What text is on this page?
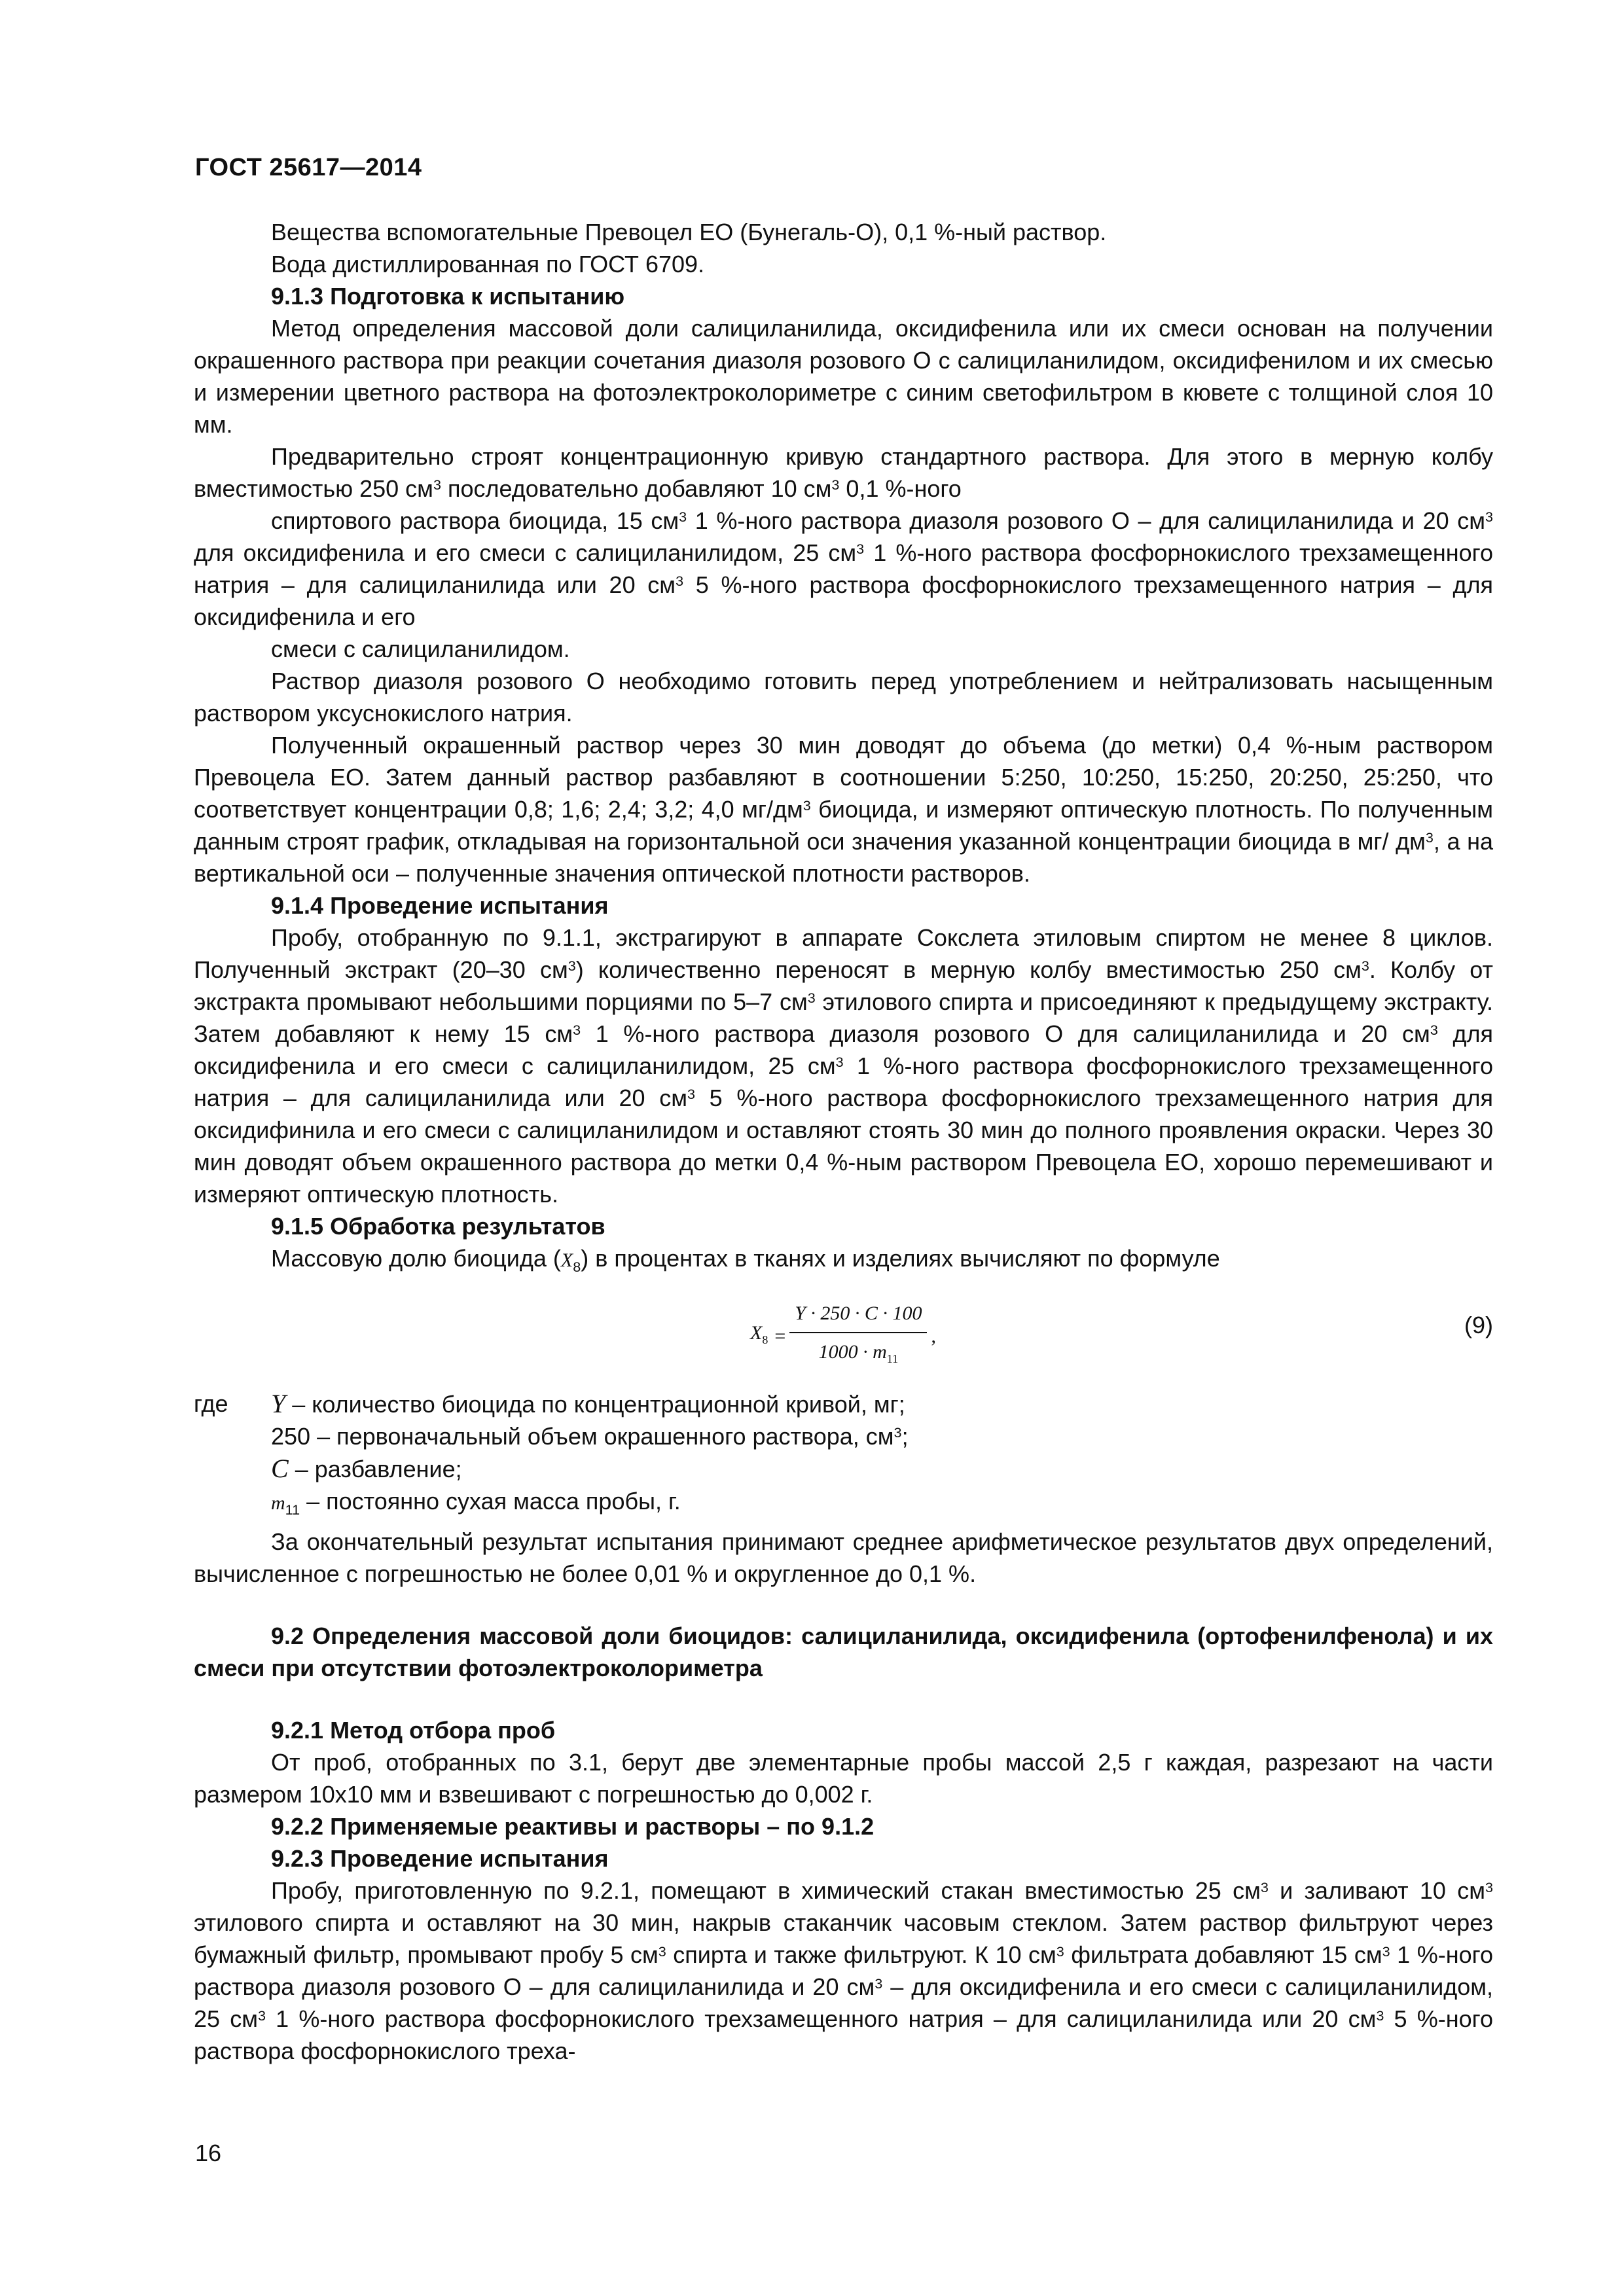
ГОСТ 25617—2014

Вещества вспомогательные Превоцел ЕО (Бунегаль-О), 0,1 %-ный раствор.

Вода дистиллированная по ГОСТ 6709.

9.1.3 Подготовка к испытанию

Метод определения массовой доли салициланилида, оксидифенила или их смеси основан на получении окрашенного раствора при реакции сочетания диазоля розового О с салициланилидом, оксидифенилом и их смесью и измерении цветного раствора на фотоэлектроколориметре с синим светофильтром в кювете с толщиной слоя 10 мм.

Предварительно строят концентрационную кривую стандартного раствора. Для этого в мерную колбу вместимостью 250 $см^3$ последовательно добавляют 10 $см^3$ 0,1 %-ного

спиртового раствора биоцида, 15 $см^3$ 1 %-ного раствора диазоля розового О – для салициланилида и 20 $см^3$ для оксидифенила и его смеси с салициланилидом, 25 $см^3$ 1 %-ного раствора фосфорнокислого трехзамещенного натрия – для салициланилида или 20 $см^3$ 5 %-ного раствора фосфорнокислого трехзамещенного натрия – для оксидифенила и его

смеси с салициланилидом.

Раствор диазоля розового О необходимо готовить перед употреблением и нейтрализовать насыщенным раствором уксуснокислого натрия.

Полученный окрашенный раствор через 30 мин доводят до объема (до метки) 0,4 %-ным раствором Превоцела ЕО. Затем данный раствор разбавляют в соотношении 5:250, 10:250, 15:250, 20:250, 25:250, что соответствует концентрации 0,8; 1,6; 2,4; 3,2; 4,0 $мг/дм^3$ биоцида, и измеряют оптическую плотность. По полученным данным строят график, откладывая на горизонтальной оси значения указанной концентрации биоцида в мг/ $дм^3$, а на вертикальной оси – полученные значения оптической плотности растворов.

9.1.4 Проведение испытания

Пробу, отобранную по 9.1.1, экстрагируют в аппарате Сокслета этиловым спиртом не менее 8 циклов. Полученный экстракт (20–30 $см^3$) количественно переносят в мерную колбу вместимостью 250 $см^3$. Колбу от экстракта промывают небольшими порциями по 5–7 $см^3$ этилового спирта и присоединяют к предыдущему экстракту. Затем добавляют к нему 15 $см^3$ 1 %-ного раствора диазоля розового О для салициланилида и 20 $см^3$ для оксидифенила и его смеси с салициланилидом, 25 $см^3$ 1 %-ного раствора фосфорнокислого трехзамещенного натрия – для салициланилида или 20 $см^3$ 5 %-ного раствора фосфорнокислого трехзамещенного натрия для оксидифинила и его смеси с салициланилидом и оставляют стоять 30 мин до полного проявления окраски. Через 30 мин доводят объем окрашенного раствора до метки 0,4 %-ным раствором Превоцела ЕО, хорошо перемешивают и измеряют оптическую плотность.

9.1.5 Обработка результатов

Массовую долю биоцида $(X_8)$ в процентах в тканях и изделиях вычисляют по формуле

$X_8 = \frac{Y \cdot 250 \cdot C \cdot 100}{1000 \cdot m_{11}}$ ,	(9)
где	Y – количество биоцида по концентрационной кривой, мг;

250 – первоначальный объем окрашенного раствора, $см^3$;

C – разбавление;

$m_{11}$ – постоянно сухая масса пробы, г.

За окончательный результат испытания принимают среднее арифметическое результатов двух определений, вычисленное с погрешностью не более 0,01 % и округленное до 0,1 %.

9.2 Определения массовой доли биоцидов: салициланилида, оксидифенила (ортофенилфенола) и их смеси при отсутствии фотоэлектроколориметра

9.2.1 Метод отбора проб

От проб, отобранных по 3.1, берут две элементарные пробы массой 2,5 г каждая, разрезают на части размером 10х10 мм и взвешивают с погрешностью до 0,002 г.

9.2.2 Применяемые реактивы и растворы – по 9.1.2

9.2.3 Проведение испытания

Пробу, приготовленную по 9.2.1, помещают в химический стакан вместимостью 25 $см^3$ и заливают 10 $см^3$ этилового спирта и оставляют на 30 мин, накрыв стаканчик часовым стеклом. Затем раствор фильтруют через бумажный фильтр, промывают пробу 5 $см^3$ спирта и также фильтруют. К 10 $см^3$ фильтрата добавляют 15 $см^3$ 1 %-ного раствора диазоля розового О – для салициланилида и 20 $см^3$ – для оксидифенила и его смеси с салициланилидом, 25 $см^3$ 1 %-ного раствора фосфорнокислого трехзамещенного натрия – для салициланилида или 20 $см^3$ 5 %-ного раствора фосфорнокислого треха-

16
